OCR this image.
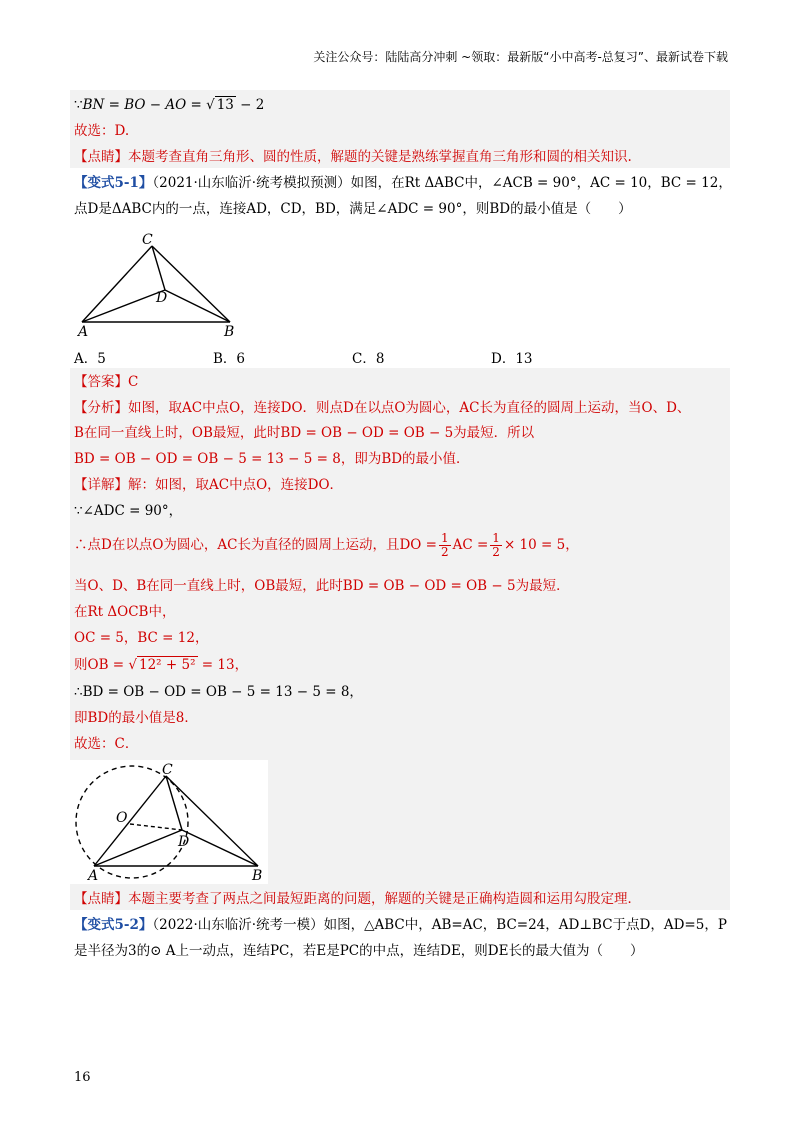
关注公众号：陆陆高分冲刺 ~领取：最新版“小中高考-总复习”、最新试卷下载
∵BN = BO − AO = √ 13 − 2
故选：D.
【点睛】本题考查直角三角形、圆的性质，解题的关键是熟练掌握直角三角形和圆的相关知识.
【变式5-1】（2021·山东临沂·统考模拟预测）如图，在Rt ΔABC中，∠ACB = 90°，AC = 10，BC = 12，
点D是ΔABC内的一点，连接AD，CD，BD，满足∠ADC = 90°，则BD的最小值是（　　）
C
D
A	B
A．5	B．6	C．8	D．13
【答案】C
【分析】如图，取AC中点O，连接DO．则点D在以点O为圆心，AC长为直径的圆周上运动，当O、D、
B在同一直线上时，OB最短，此时BD = OB − OD = OB − 5为最短．所以
BD = OB − OD = OB − 5 = 13 − 5 = 8，即为BD的最小值．
【详解】解：如图，取AC中点O，连接DO．
∵∠ADC = 90°，
∴点D在以点O为圆心，AC长为直径的圆周上运动，且DO = $\frac{1}{2}$ AC = $\frac{1}{2} \times 10 = 5$，
当O、D、B在同一直线上时，OB最短，此时BD = OB − OD = OB − 5为最短．
在Rt ΔOCB中，
OC = 5，BC = 12，
则OB = √ 12² + 5² = 13，
∴BD = OB − OD = OB − 5 = 13 − 5 = 8，
即BD的最小值是8．
故选：C．
C
O
D
A	B
【点睛】本题主要考查了两点之间最短距离的问题，解题的关键是正确构造圆和运用勾股定理．
【变式5-2】（2022·山东临沂·统考一模）如图，△ABC中，AB=AC，BC=24，AD⊥BC于点D，AD=5，P
是半径为3的⊙ A上一动点，连结PC，若E是PC的中点，连结DE，则DE长的最大值为（　　）
16
